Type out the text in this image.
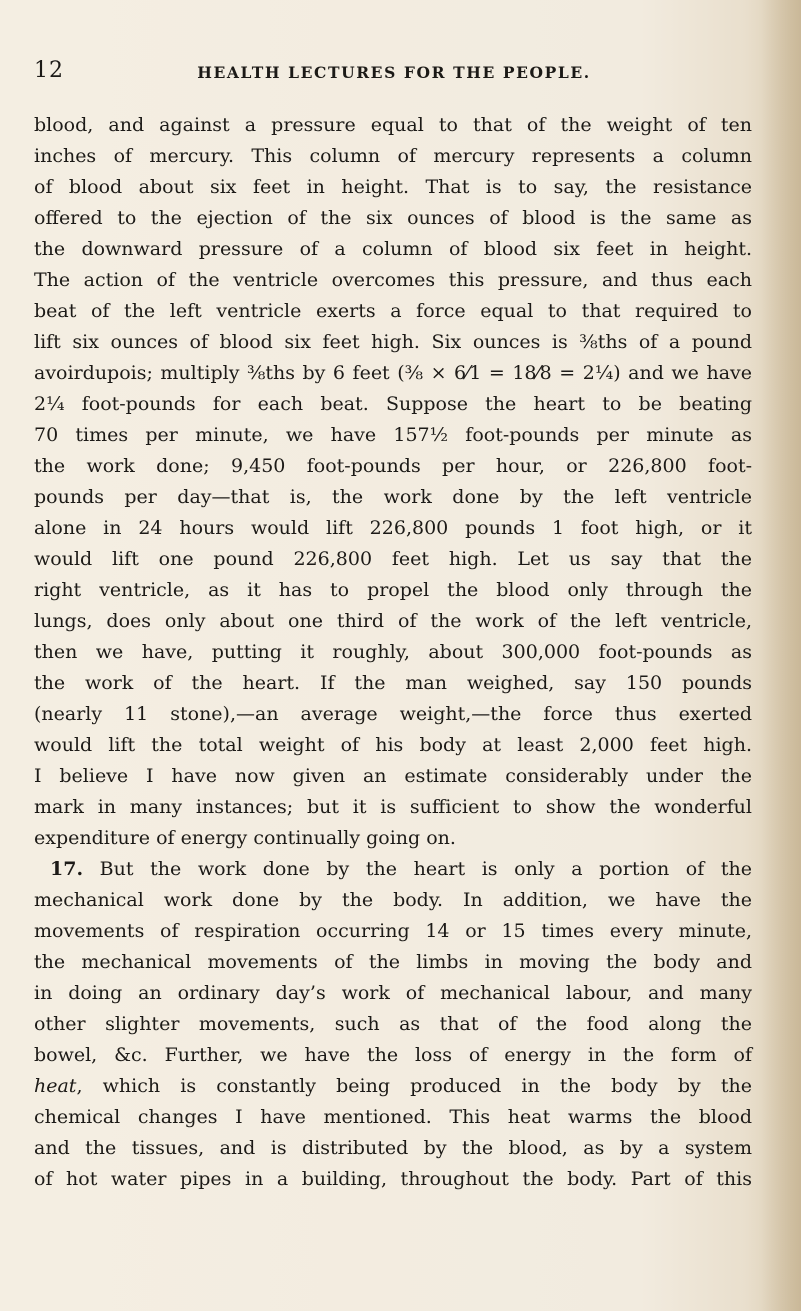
12	HEALTH LECTURES FOR THE PEOPLE.
blood, and against a pressure equal to that of the weight of ten
inches of mercury. This column of mercury represents a column
of blood about six feet in height. That is to say, the resistance
offered to the ejection of the six ounces of blood is the same as
the downward pressure of a column of blood six feet in height.
The action of the ventricle overcomes this pressure, and thus each
beat of the left ventricle exerts a force equal to that required to
lift six ounces of blood six feet high. Six ounces is ⅜ths of a pound
avoirdupois; multiply ⅜ths by 6 feet (⅜ × 6⁄1 = 18⁄8 = 2¼) and we have
2¼ foot-pounds for each beat. Suppose the heart to be beating
70 times per minute, we have 157½ foot-pounds per minute as
the work done; 9,450 foot-pounds per hour, or 226,800 foot-
pounds per day—that is, the work done by the left ventricle
alone in 24 hours would lift 226,800 pounds 1 foot high, or it
would lift one pound 226,800 feet high. Let us say that the
right ventricle, as it has to propel the blood only through the
lungs, does only about one third of the work of the left ventricle,
then we have, putting it roughly, about 300,000 foot-pounds as
the work of the heart. If the man weighed, say 150 pounds
(nearly 11 stone),—an average weight,—the force thus exerted
would lift the total weight of his body at least 2,000 feet high.
I believe I have now given an estimate considerably under the
mark in many instances; but it is sufficient to show the wonderful
expenditure of energy continually going on.
17. But the work done by the heart is only a portion of the
mechanical work done by the body. In addition, we have the
movements of respiration occurring 14 or 15 times every minute,
the mechanical movements of the limbs in moving the body and
in doing an ordinary day’s work of mechanical labour, and many
other slighter movements, such as that of the food along the
bowel, &c. Further, we have the loss of energy in the form of
heat, which is constantly being produced in the body by the
chemical changes I have mentioned. This heat warms the blood
and the tissues, and is distributed by the blood, as by a system
of hot water pipes in a building, throughout the body. Part of this
